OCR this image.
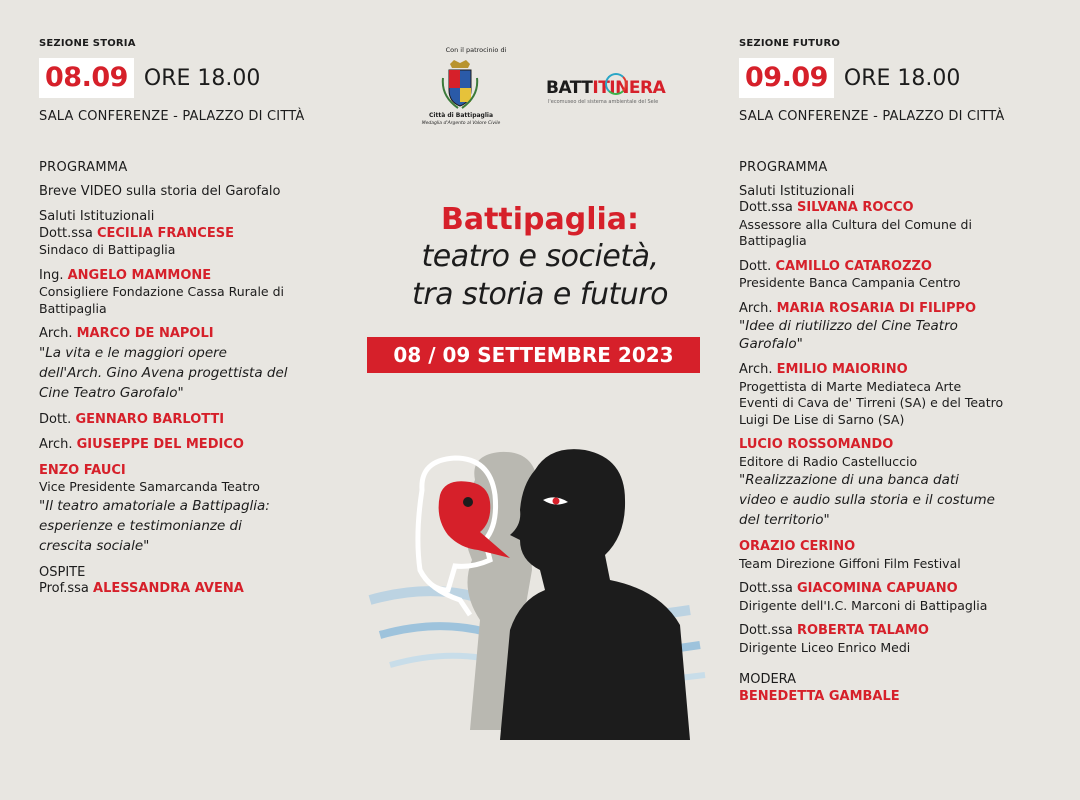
SEZIONE STORIA
08.09 ORE 18.00
SALA CONFERENZE - PALAZZO DI CITTÀ
PROGRAMMA
Breve VIDEO sulla storia del Garofalo
Saluti Istituzionali
Dott.ssa CECILIA FRANCESE
Sindaco di Battipaglia
Ing. ANGELO MAMMONE
Consigliere Fondazione Cassa Rurale di
Battipaglia
Arch. MARCO DE NAPOLI
"La vita e le maggiori opere
dell'Arch. Gino Avena progettista del
Cine Teatro Garofalo"
Dott. GENNARO BARLOTTI
Arch. GIUSEPPE DEL MEDICO
ENZO FAUCI
Vice Presidente Samarcanda Teatro
"Il teatro amatoriale a Battipaglia:
esperienze e testimonianze di
crescita sociale"
OSPITE
Prof.ssa ALESSANDRA AVENA
Con il patrocinio di
Città di Battipaglia
Medaglia d'Argento al Valore Civile
BATTITINERA
l'ecomuseo del sistema ambientale del Sele
Battipaglia:
teatro e società,
tra storia e futuro
08 / 09 SETTEMBRE 2023
SEZIONE FUTURO
09.09 ORE 18.00
SALA CONFERENZE - PALAZZO DI CITTÀ
PROGRAMMA
Saluti Istituzionali
Dott.ssa SILVANA ROCCO
Assessore alla Cultura del Comune di
Battipaglia
Dott. CAMILLO CATAROZZO
Presidente Banca Campania Centro
Arch. MARIA ROSARIA DI FILIPPO
"Idee di riutilizzo del Cine Teatro
Garofalo"
Arch. EMILIO MAIORINO
Progettista di Marte Mediateca Arte
Eventi di Cava de' Tirreni (SA) e del Teatro
Luigi De Lise di Sarno (SA)
LUCIO ROSSOMANDO
Editore di Radio Castelluccio
"Realizzazione di una banca dati
video e audio sulla storia e il costume
del territorio"
ORAZIO CERINO
Team Direzione Giffoni Film Festival
Dott.ssa GIACOMINA CAPUANO
Dirigente dell'I.C. Marconi di Battipaglia
Dott.ssa ROBERTA TALAMO
Dirigente Liceo Enrico Medi
MODERA
BENEDETTA GAMBALE
